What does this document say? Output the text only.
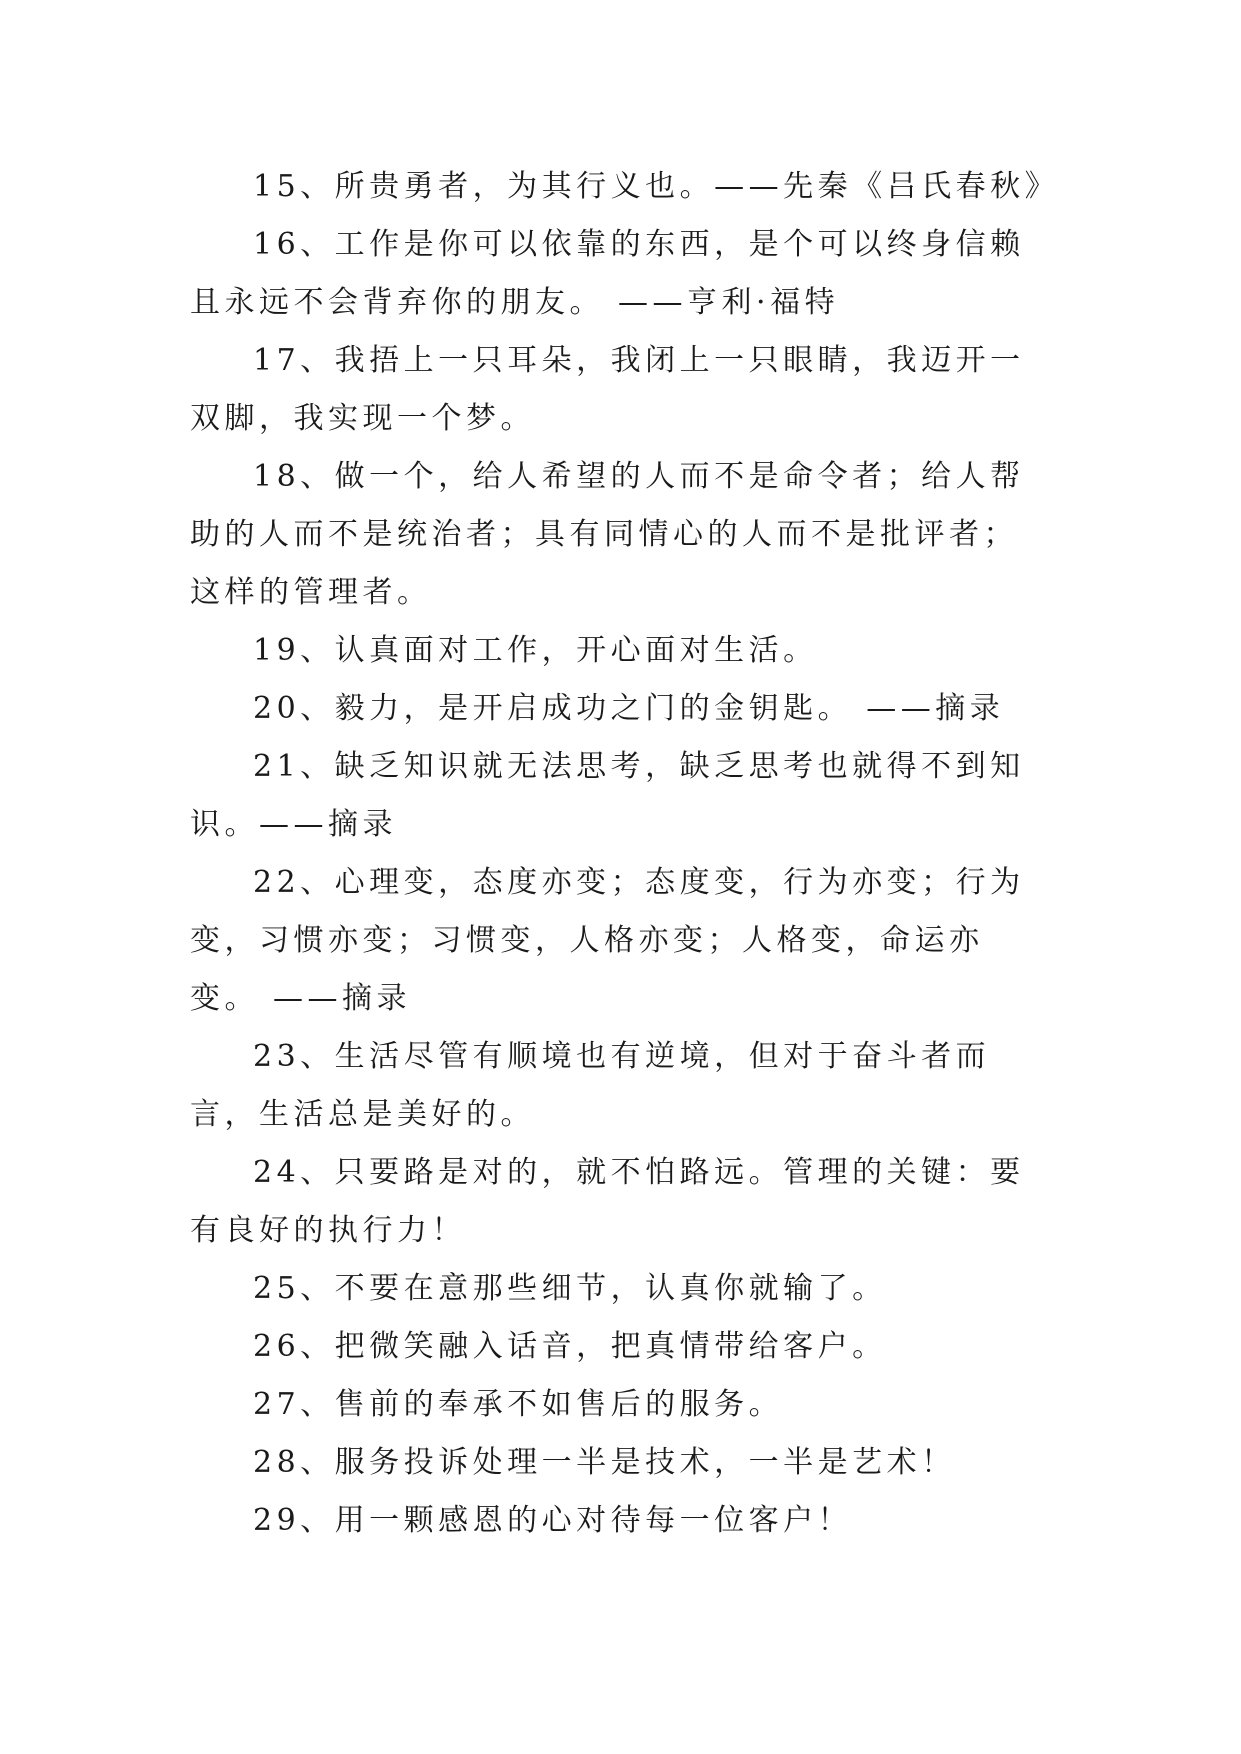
15、所贵勇者，为其行义也。——先秦《吕氏春秋》

16、工作是你可以依靠的东西，是个可以终身信赖且永远不会背弃你的朋友。 ——亨利·福特

17、我捂上一只耳朵，我闭上一只眼睛，我迈开一双脚，我实现一个梦。

18、做一个，给人希望的人而不是命令者；给人帮助的人而不是统治者；具有同情心的人而不是批评者；这样的管理者。

19、认真面对工作，开心面对生活。

20、毅力，是开启成功之门的金钥匙。 ——摘录

21、缺乏知识就无法思考，缺乏思考也就得不到知识。——摘录

22、心理变，态度亦变；态度变，行为亦变；行为变，习惯亦变；习惯变，人格亦变；人格变，命运亦变。 ——摘录

23、生活尽管有顺境也有逆境，但对于奋斗者而言，生活总是美好的。

24、只要路是对的，就不怕路远。管理的关键：要有良好的执行力！

25、不要在意那些细节，认真你就输了。

26、把微笑融入话音，把真情带给客户。

27、售前的奉承不如售后的服务。

28、服务投诉处理一半是技术，一半是艺术！

29、用一颗感恩的心对待每一位客户！
